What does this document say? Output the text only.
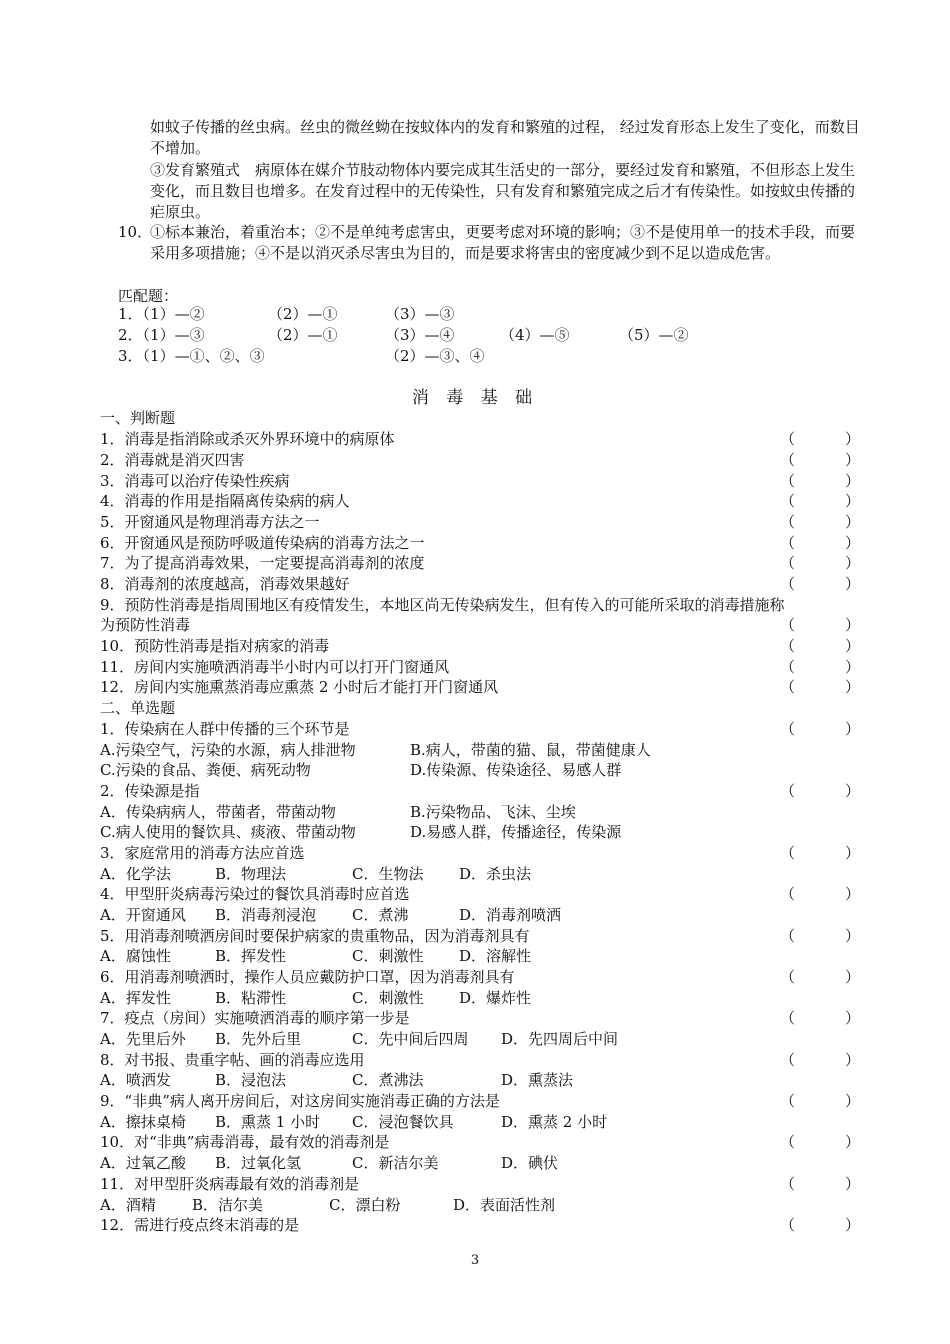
如蚊子传播的丝虫病。丝虫的微丝蚴在按蚊体内的发育和繁殖的过程， 经过发育形态上发生了变化，而数目不增加。
③发育繁殖式　病原体在媒介节肢动物体内要完成其生活史的一部分，要经过发育和繁殖，不但形态上发生变化，而且数目也增多。在发育过程中的无传染性，只有发育和繁殖完成之后才有传染性。如按蚊虫传播的疟原虫。
10．
①标本兼治，着重治本；②不是单纯考虑害虫，更要考虑对环境的影响；③不是使用单一的技术手段，而要采用多项措施；④不是以消灭杀尽害虫为目的，而是要求将害虫的密度减少到不足以造成危害。
匹配题：
1．（1）—②	（2）—①	（3）—③
2．（1）—③	（2）—①	（3）—④	（4）—⑤	（5）—②
3．（1）—①、②、③	（2）—③、④
消 毒 基 础
一、判断题
1．消毒是指消除或杀灭外界环境中的病原体	（	）
2．消毒就是消灭四害	（	）
3．消毒可以治疗传染性疾病	（	）
4．消毒的作用是指隔离传染病的病人	（	）
5．开窗通风是物理消毒方法之一	（	）
6．开窗通风是预防呼吸道传染病的消毒方法之一	（	）
7．为了提高消毒效果，一定要提高消毒剂的浓度	（	）
8．消毒剂的浓度越高，消毒效果越好	（	）
9．预防性消毒是指周围地区有疫情发生，本地区尚无传染病发生，但有传入的可能所采取的消毒措施称
为预防性消毒	（	）
10．预防性消毒是指对病家的消毒	（	）
11．房间内实施喷洒消毒半小时内可以打开门窗通风	（	）
12．房间内实施熏蒸消毒应熏蒸 2 小时后才能打开门窗通风	（	）
二、单选题
1．传染病在人群中传播的三个环节是	（	）
A.污染空气，污染的水源，病人排泄物	B.病人，带菌的猫、鼠，带菌健康人
C.污染的食品、粪便、病死动物	D.传染源、传染途径、易感人群
2．传染源是指	（	）
A．传染病病人，带菌者，带菌动物	B.污染物品、飞沫、尘埃
C.病人使用的餐饮具、痰液、带菌动物	D.易感人群，传播途径，传染源
3．家庭常用的消毒方法应首选	（	）
A．化学法	B．物理法	C．生物法 D．杀虫法
4．甲型肝炎病毒污染过的餐饮具消毒时应首选	（	）
A．开窗通风 B．消毒剂浸泡 C．煮沸	D．消毒剂喷洒
5．用消毒剂喷洒房间时要保护病家的贵重物品，因为消毒剂具有	（	）
A．腐蚀性	B．挥发性	C．刺激性 D．溶解性
6．用消毒剂喷洒时，操作人员应戴防护口罩，因为消毒剂具有	（	）
A．挥发性	B．粘滞性	C．刺激性 D．爆炸性
7．疫点（房间）实施喷洒消毒的顺序第一步是	（	）
A．先里后外 B．先外后里	C．先中间后四周 D．先四周后中间
8．对书报、贵重字帖、画的消毒应选用	（	）
A．喷洒发	B．浸泡法	C．煮沸法	D．熏蒸法
9．“非典”病人离开房间后，对这房间实施消毒正确的方法是	（	）
A．擦抹桌椅 B．熏蒸 1 小时 C．浸泡餐饮具	D．熏蒸 2 小时
10．对“非典”病毒消毒，最有效的消毒剂是	（	）
A．过氧乙酸 B．过氧化氢	C．新洁尔美	D．碘伏
11．对甲型肝炎病毒最有效的消毒剂是	（	）
A．酒精 B．洁尔美	C．漂白粉	D．表面活性剂
12．需进行疫点终末消毒的是	（	）
3
